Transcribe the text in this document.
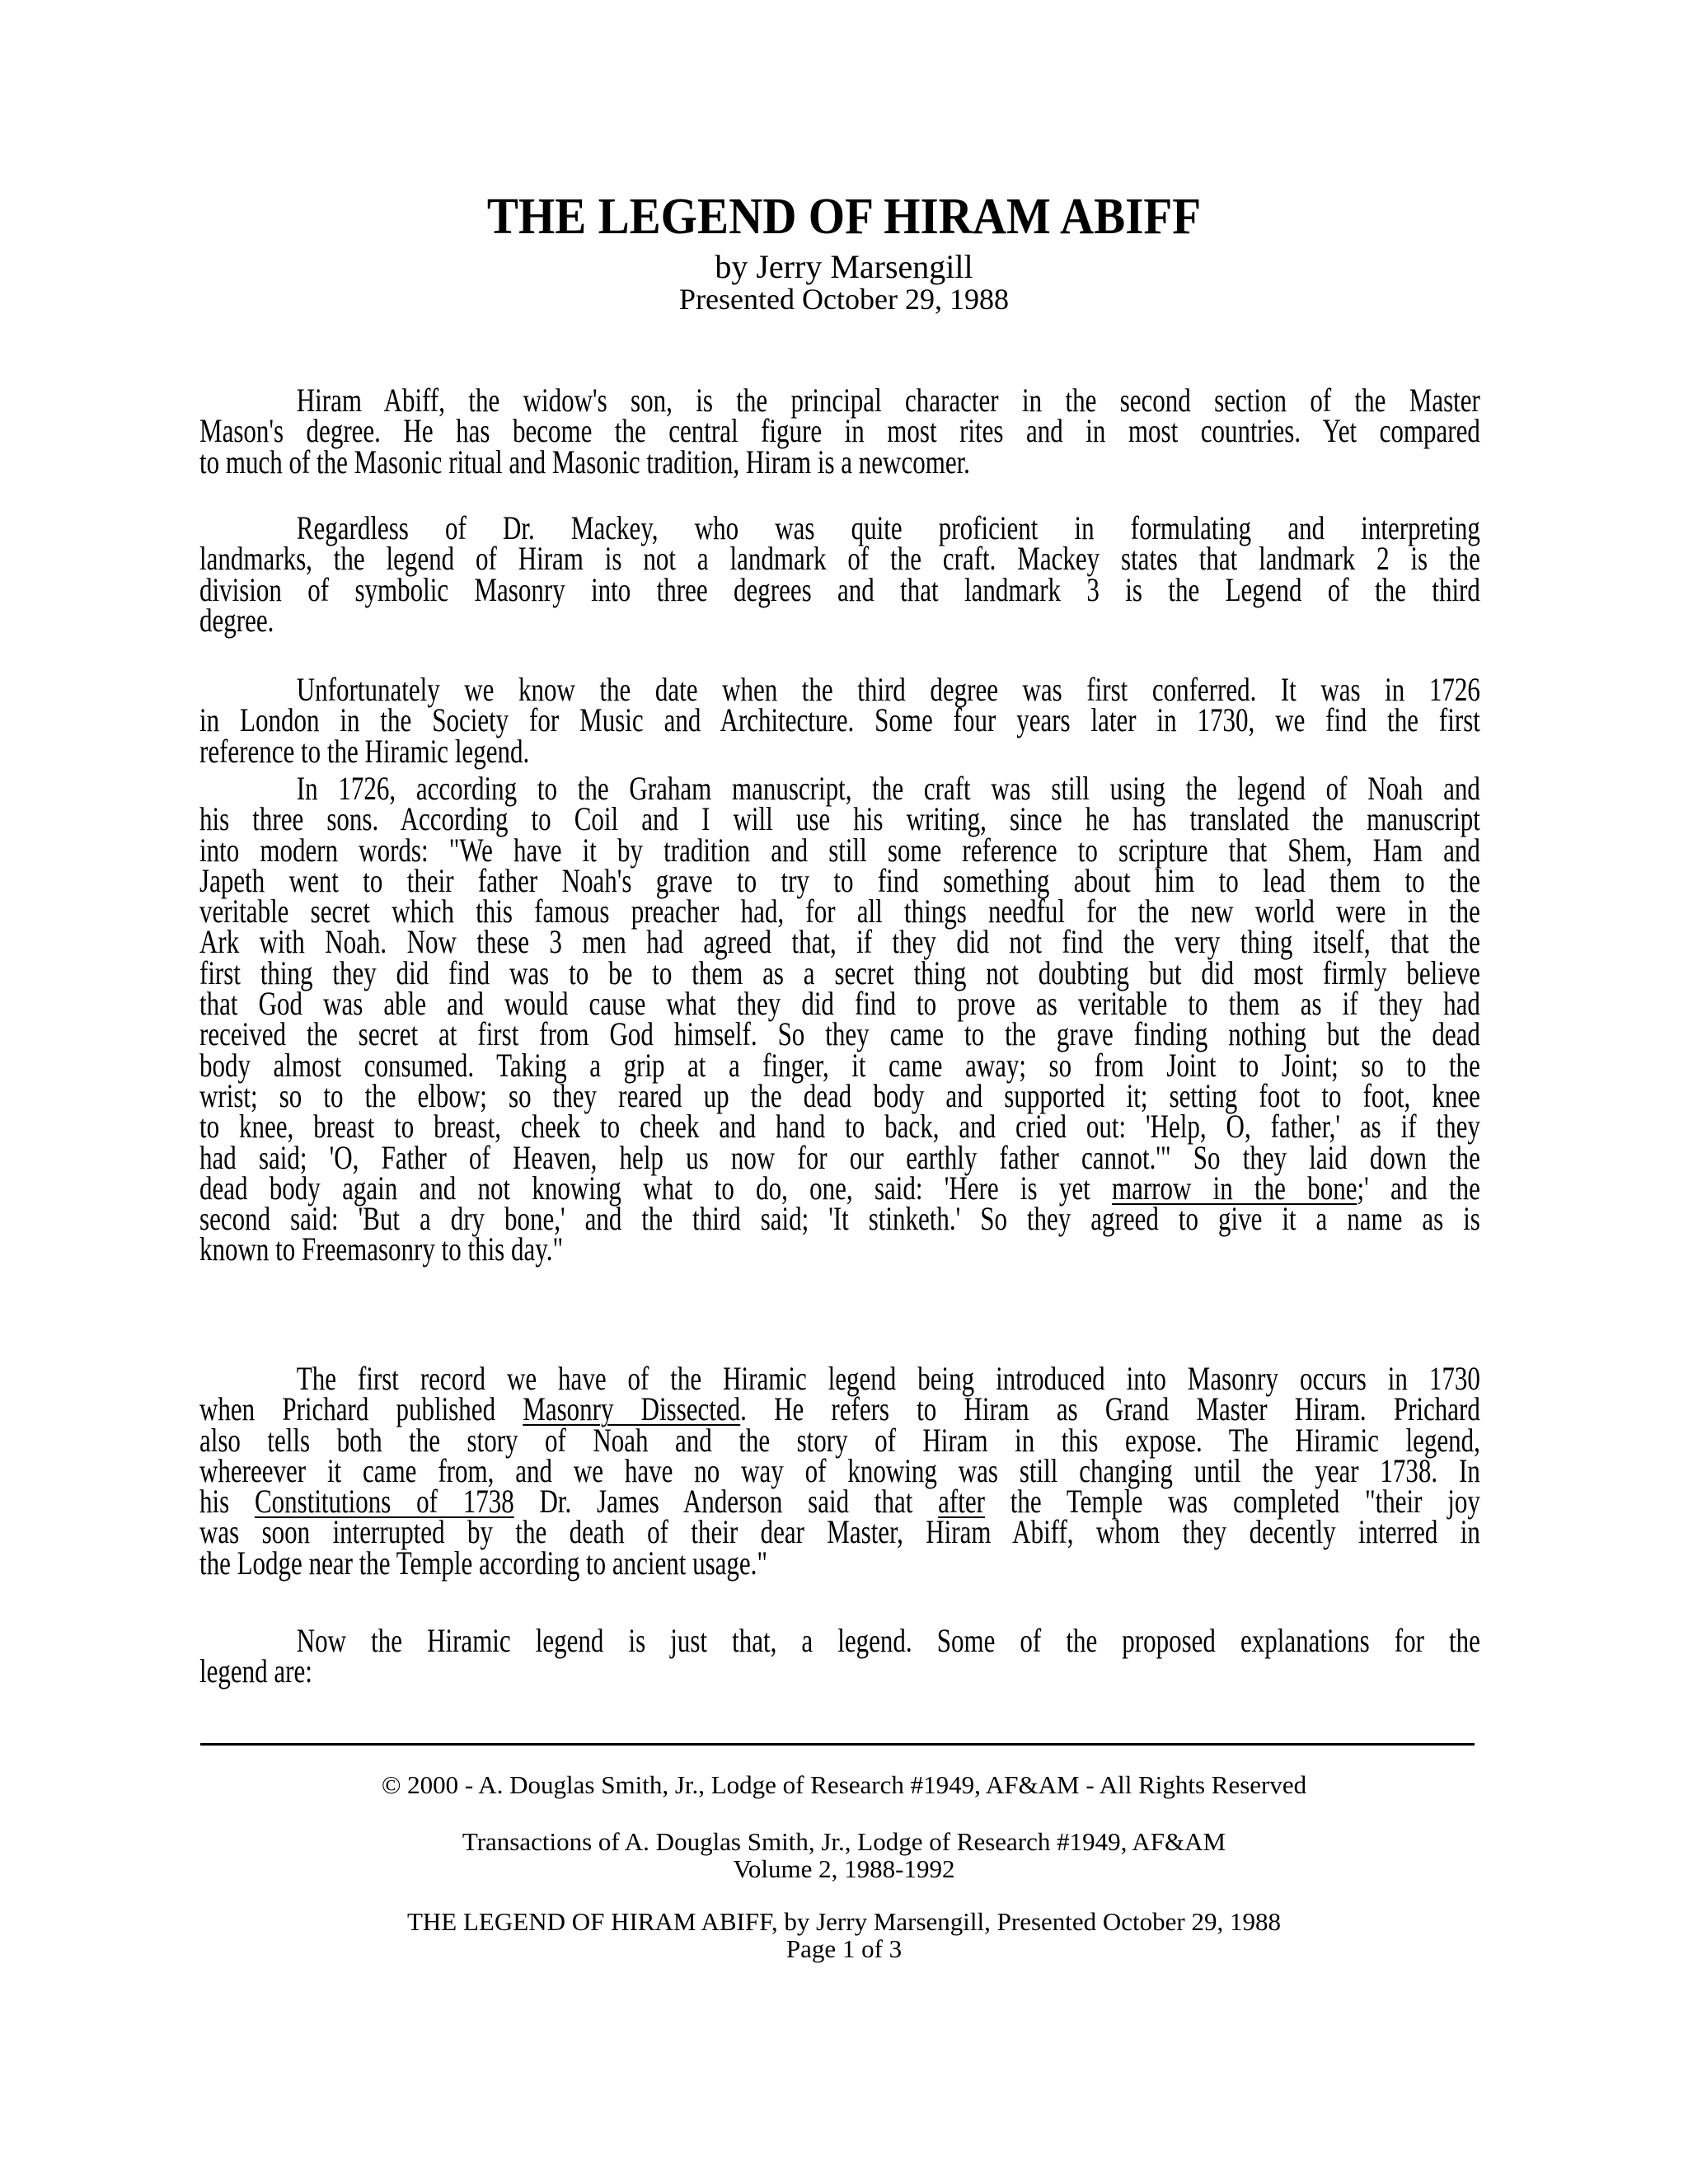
THE LEGEND OF HIRAM ABIFF
by Jerry Marsengill
Presented October 29, 1988
Hiram Abiff, the widow's son, is the principal character in the second section of the Master
Mason's degree. He has become the central figure in most rites and in most countries. Yet compared
to much of the Masonic ritual and Masonic tradition, Hiram is a newcomer.
Regardless of Dr. Mackey, who was quite proficient in formulating and interpreting
landmarks, the legend of Hiram is not a landmark of the craft. Mackey states that landmark 2 is the
division of symbolic Masonry into three degrees and that landmark 3 is the Legend of the third
degree.
Unfortunately we know the date when the third degree was first conferred. It was in 1726
in London in the Society for Music and Architecture. Some four years later in 1730, we find the first
reference to the Hiramic legend.
In 1726, according to the Graham manuscript, the craft was still using the legend of Noah and
his three sons. According to Coil and I will use his writing, since he has translated the manuscript
into modern words: "We have it by tradition and still some reference to scripture that Shem, Ham and
Japeth went to their father Noah's grave to try to find something about him to lead them to the
veritable secret which this famous preacher had, for all things needful for the new world were in the
Ark with Noah. Now these 3 men had agreed that, if they did not find the very thing itself, that the
first thing they did find was to be to them as a secret thing not doubting but did most firmly believe
that God was able and would cause what they did find to prove as veritable to them as if they had
received the secret at first from God himself. So they came to the grave finding nothing but the dead
body almost consumed. Taking a grip at a finger, it came away; so from Joint to Joint; so to the
wrist; so to the elbow; so they reared up the dead body and supported it; setting foot to foot, knee
to knee, breast to breast, cheek to cheek and hand to back, and cried out: 'Help, O, father,' as if they
had said; 'O, Father of Heaven, help us now for our earthly father cannot.'" So they laid down the
dead body again and not knowing what to do, one, said: 'Here is yet marrow in the bone;' and the
second said: 'But a dry bone,' and the third said; 'It stinketh.' So they agreed to give it a name as is
known to Freemasonry to this day."
The first record we have of the Hiramic legend being introduced into Masonry occurs in 1730
when Prichard published Masonry Dissected. He refers to Hiram as Grand Master Hiram. Prichard
also tells both the story of Noah and the story of Hiram in this expose. The Hiramic legend,
whereever it came from, and we have no way of knowing was still changing until the year 1738. In
his Constitutions of 1738 Dr. James Anderson said that after the Temple was completed "their joy
was soon interrupted by the death of their dear Master, Hiram Abiff, whom they decently interred in
the Lodge near the Temple according to ancient usage."
Now the Hiramic legend is just that, a legend. Some of the proposed explanations for the
legend are:
© 2000 - A. Douglas Smith, Jr., Lodge of Research #1949, AF&AM - All Rights Reserved
Transactions of A. Douglas Smith, Jr., Lodge of Research #1949, AF&AM
Volume 2, 1988-1992
THE LEGEND OF HIRAM ABIFF, by Jerry Marsengill, Presented October 29, 1988
Page 1 of 3
